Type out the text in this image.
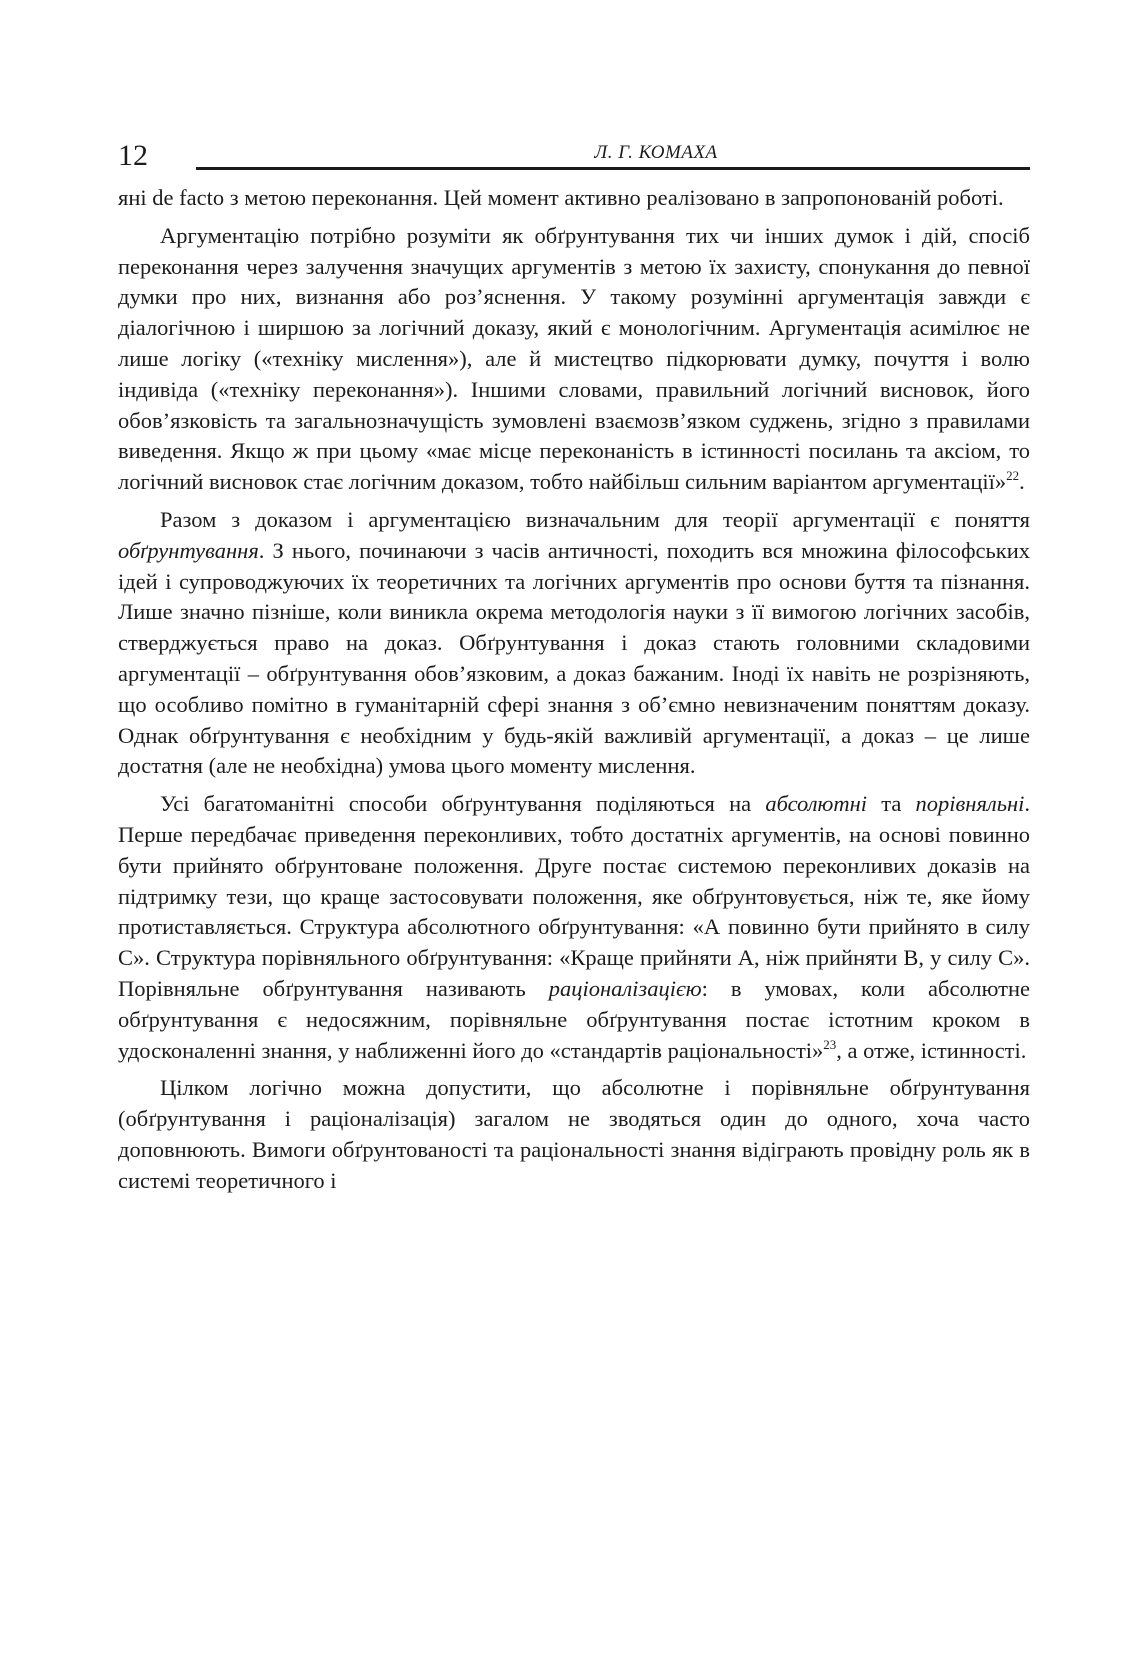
12	Л. Г. КОМАХА

яні de facto з метою переконання. Цей момент активно реалізовано в запропонованій роботі.

Аргументацію потрібно розуміти як обґрунтування тих чи інших думок і дій, спосіб переконання через залучення значущих аргументів з метою їх захисту, спонукання до певної думки про них, визнання або роз’яснення. У такому розумінні аргументація завжди є діалогічною і ширшою за логічний доказу, який є монологічним. Аргументація асимілює не лише логіку («техніку мислення»), але й мистецтво підкорювати думку, почуття і волю індивіда («техніку переконання»). Іншими словами, правильний логічний висновок, його обов’язковість та загальнозначущість зумовлені взаємозв’язком суджень, згідно з правилами виведення. Якщо ж при цьому «має місце переконаність в істинності посилань та аксіом, то логічний висновок стає логічним доказом, тобто найбільш сильним варіантом аргументації»$^{22}$.

Разом з доказом і аргументацією визначальним для теорії аргументації є поняття обґрунтування. З нього, починаючи з часів античності, походить вся множина філософських ідей і супроводжуючих їх теоретичних та логічних аргументів про основи буття та пізнання. Лише значно пізніше, коли виникла окрема методологія науки з її вимогою логічних засобів, стверджується право на доказ. Обґрунтування і доказ стають головними складовими аргументації – обґрунтування обов’язковим, а доказ бажаним. Іноді їх навіть не розрізняють, що особливо помітно в гуманітарній сфері знання з об’ємно невизначеним поняттям доказу. Однак обґрунтування є необхідним у будь-якій важливій аргументації, а доказ – це лише достатня (але не необхідна) умова цього моменту мислення.

Усі багатоманітні способи обґрунтування поділяються на абсолютні та порівняльні. Перше передбачає приведення переконливих, тобто достатніх аргументів, на основі повинно бути прийнято обґрунтоване положення. Друге постає системою переконливих доказів на підтримку тези, що краще застосовувати положення, яке обґрунтовується, ніж те, яке йому протиставляється. Структура абсолютного обґрунтування: «А повинно бути прийнято в силу С». Структура порівняльного обґрунтування: «Краще прийняти А, ніж прийняти В, у силу С». Порівняльне обґрунтування називають раціоналізацією: в умовах, коли абсолютне обґрунтування є недосяжним, порівняльне обґрунтування постає істотним кроком в удосконаленні знання, у наближенні його до «стандартів раціональності»$^{23}$, а отже, істинності.

Цілком логічно можна допустити, що абсолютне і порівняльне обґрунтування (обґрунтування і раціоналізація) загалом не зводяться один до одного, хоча часто доповнюють. Вимоги обґрунтованості та раціональності знання відіграють провідну роль як в системі теоретичного і
